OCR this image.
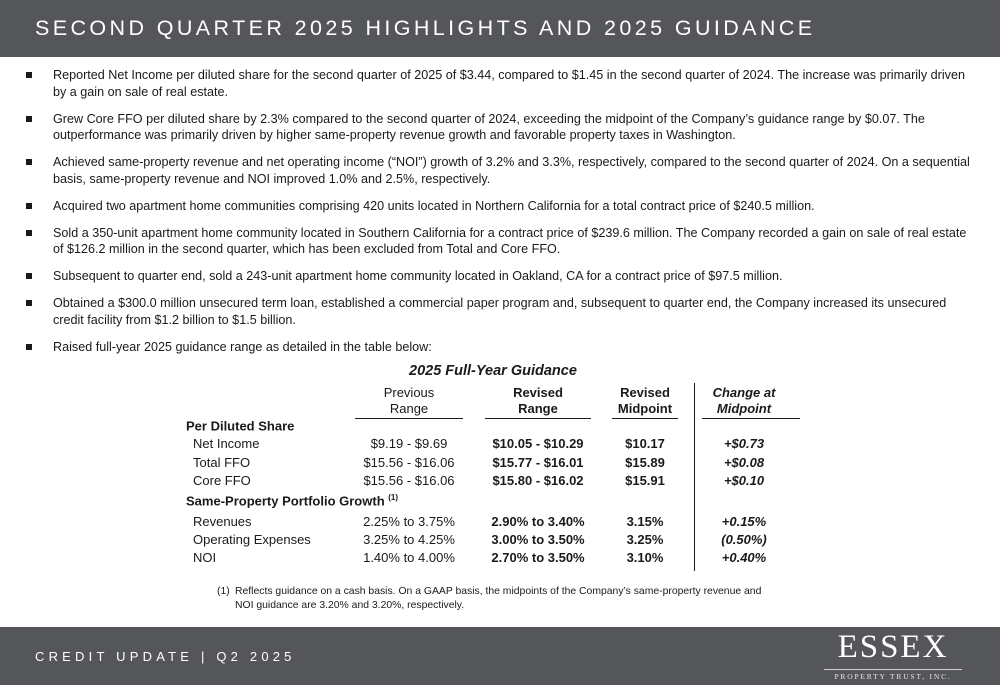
SECOND QUARTER 2025 HIGHLIGHTS AND 2025 GUIDANCE
Reported Net Income per diluted share for the second quarter of 2025 of $3.44, compared to $1.45 in the second quarter of 2024. The increase was primarily driven by a gain on sale of real estate.
Grew Core FFO per diluted share by 2.3% compared to the second quarter of 2024, exceeding the midpoint of the Company’s guidance range by $0.07. The outperformance was primarily driven by higher same-property revenue growth and favorable property taxes in Washington.
Achieved same-property revenue and net operating income (“NOI”) growth of 3.2% and 3.3%, respectively, compared to the second quarter of 2024. On a sequential basis, same-property revenue and NOI improved 1.0% and 2.5%, respectively.
Acquired two apartment home communities comprising 420 units located in Northern California for a total contract price of $240.5 million.
Sold a 350-unit apartment home community located in Southern California for a contract price of $239.6 million. The Company recorded a gain on sale of real estate of $126.2 million in the second quarter, which has been excluded from Total and Core FFO.
Subsequent to quarter end, sold a 243-unit apartment home community located in Oakland, CA for a contract price of $97.5 million.
Obtained a $300.0 million unsecured term loan, established a commercial paper program and, subsequent to quarter end, the Company increased its unsecured credit facility from $1.2 billion to $1.5 billion.
Raised full-year 2025 guidance range as detailed in the table below:
2025 Full-Year Guidance
Previous
Range
Revised
Range
Revised
Midpoint
Change at
Midpoint
Per Diluted Share
Net Income	$9.19 - $9.69	$10.05 - $10.29	$10.17	+$0.73
Total FFO	$15.56 - $16.06	$15.77 - $16.01	$15.89	+$0.08
Core FFO	$15.56 - $16.06	$15.80 - $16.02	$15.91	+$0.10
Same-Property Portfolio Growth $^{(1)}$
Revenues	2.25% to 3.75%	2.90% to 3.40%	3.15%	+0.15%
Operating Expenses	3.25% to 4.25%	3.00% to 3.50%	3.25%	(0.50%)
NOI	1.40% to 4.00%	2.70% to 3.50%	3.10%	+0.40%
(1) Reflects guidance on a cash basis. On a GAAP basis, the midpoints of the Company’s same-property revenue and NOI guidance are 3.20% and 3.20%, respectively.
CREDIT UPDATE | Q2 2025	ESSEX
PROPERTY TRUST, INC.
